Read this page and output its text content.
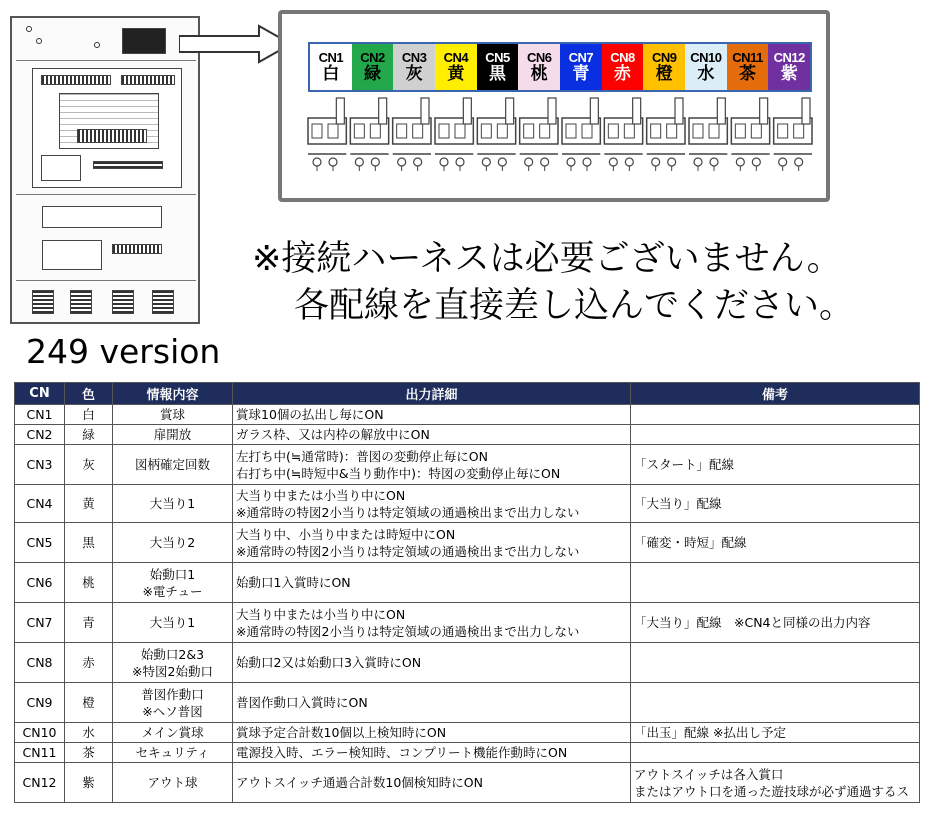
CN1
白
CN2
緑
CN3
灰
CN4
黄
CN5
黒
CN6
桃
CN7
青
CN8
赤
CN9
橙
CN10
水
CN11
茶
CN12
紫
※接続ハーネスは必要ございません。
各配線を直接差し込んでください。
249 version
CN	色	情報内容	出力詳細	備考
CN1	白	賞球	賞球10個の払出し毎にON	

CN2	緑	扉開放	ガラス枠、又は内枠の解放中にON	

CN3	灰	図柄確定回数	左打ち中(≒通常時)：普図の変動停止毎にON
右打ち中(≒時短中&当り動作中)：特図の変動停止毎にON	「スタート」配線

CN4	黄	大当り1	大当り中または小当り中にON
※通常時の特図2小当りは特定領域の通過検出まで出力しない	「大当り」配線

CN5	黒	大当り2	大当り中、小当り中または時短中にON
※通常時の特図2小当りは特定領域の通過検出まで出力しない	「確変・時短」配線

CN6	桃	始動口1
※電チュー	始動口1入賞時にON	

CN7	青	大当り1	大当り中または小当り中にON
※通常時の特図2小当りは特定領域の通過検出まで出力しない	「大当り」配線　※CN4と同様の出力内容

CN8	赤	始動口2&3
※特図2始動口	始動口2又は始動口3入賞時にON	

CN9	橙	普図作動口
※ヘソ普図	普図作動口入賞時にON	

CN10	水	メイン賞球	賞球予定合計数10個以上検知時にON	「出玉」配線 ※払出し予定

CN11	茶	セキュリティ	電源投入時、エラー検知時、コンプリート機能作動時にON	

CN12	紫	アウト球	アウトスイッチ通過合計数10個検知時にON	アウトスイッチは各入賞口
またはアウト口を通った遊技球が必ず通過するス
